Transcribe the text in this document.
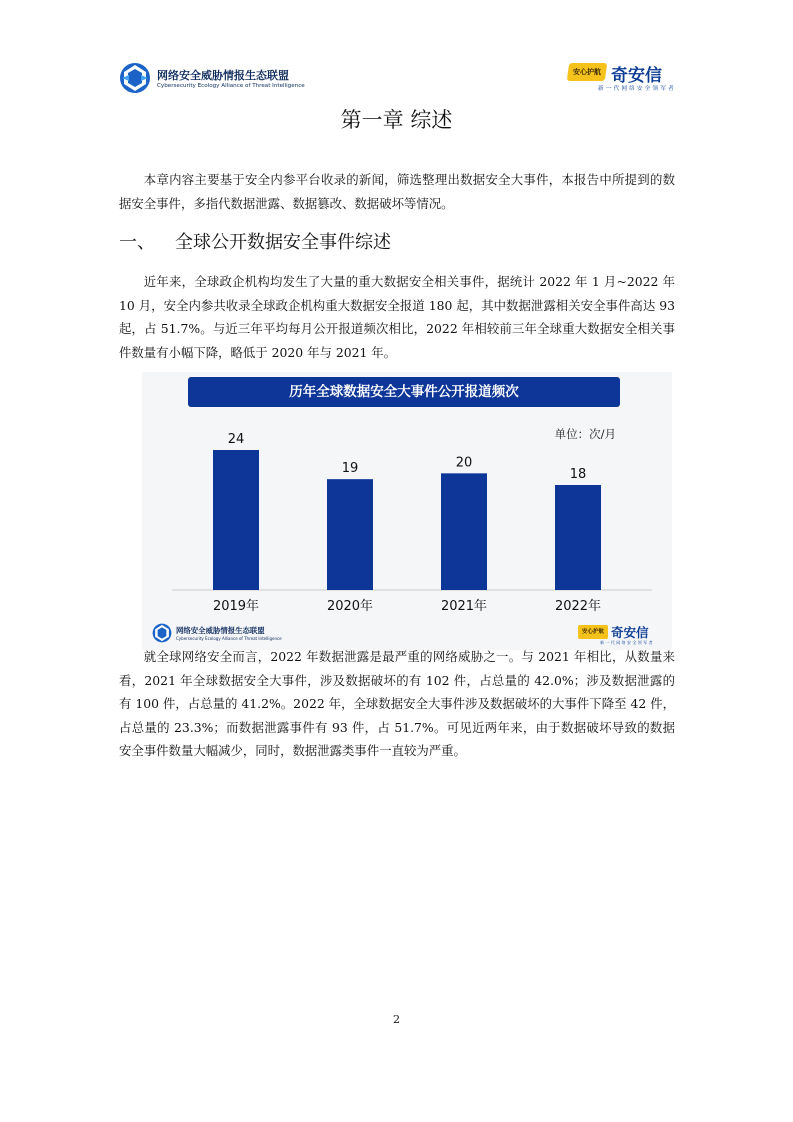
网络安全威胁情报生态联盟
Cybersecurity Ecology Alliance of Threat Intelligence
安心护航 奇安信
新一代网络安全领军者
第一章 综述
本章内容主要基于安全内参平台收录的新闻，筛选整理出数据安全大事件，本报告中所提到的数据安全事件，多指代数据泄露、数据篡改、数据破坏等情况。
一、 全球公开数据安全事件综述
近年来，全球政企机构均发生了大量的重大数据安全相关事件，据统计 2022 年 1 月~2022 年 10 月，安全内参共收录全球政企机构重大数据安全报道 180 起，其中数据泄露相关安全事件高达 93 起，占 51.7%。与近三年平均每月公开报道频次相比，2022 年相较前三年全球重大数据安全相关事件数量有小幅下降，略低于 2020 年与 2021 年。
历年全球数据安全大事件公开报道频次
单位：次/月
24
2019年
19
2020年
20
2021年
18
2022年
网络安全威胁情报生态联盟
Cybersecurity Ecology Alliance of Threat Intelligence
安心护航 奇安信
新一代网络安全领军者
就全球网络安全而言，2022 年数据泄露是最严重的网络威胁之一。与 2021 年相比，从数量来看，2021 年全球数据安全大事件，涉及数据破坏的有 102 件，占总量的 42.0%；涉及数据泄露的有 100 件，占总量的 41.2%。2022 年，全球数据安全大事件涉及数据破坏的大事件下降至 42 件，占总量的 23.3%；而数据泄露事件有 93 件，占 51.7%。可见近两年来，由于数据破坏导致的数据安全事件数量大幅减少，同时，数据泄露类事件一直较为严重。
2
